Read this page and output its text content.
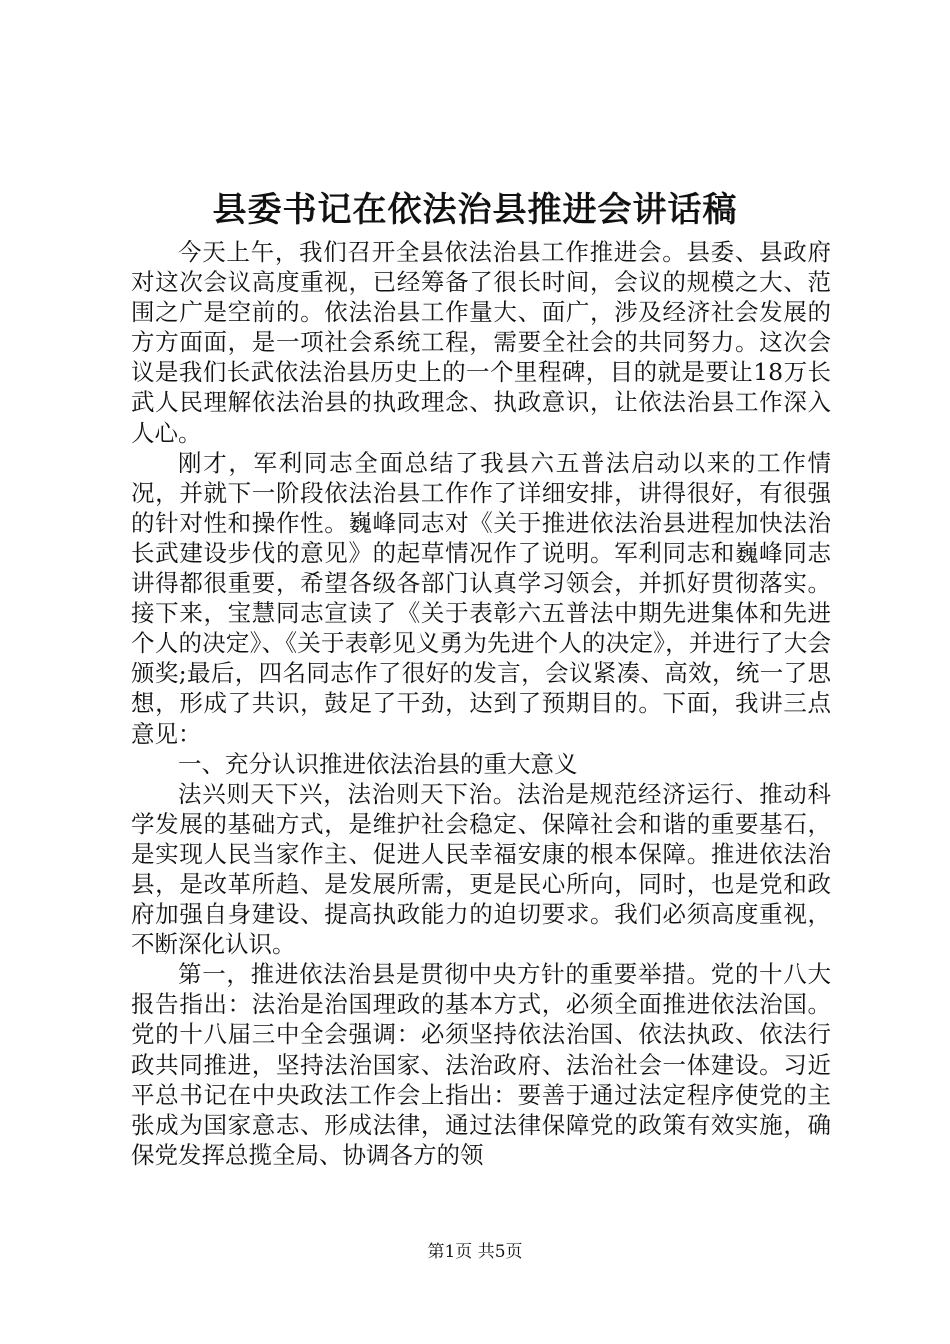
县委书记在依法治县推进会讲话稿

今天上午，我们召开全县依法治县工作推进会。县委、县政府对这次会议高度重视，已经筹备了很长时间，会议的规模之大、范围之广是空前的。依法治县工作量大、面广，涉及经济社会发展的方方面面，是一项社会系统工程，需要全社会的共同努力。这次会议是我们长武依法治县历史上的一个里程碑，目的就是要让18万长武人民理解依法治县的执政理念、执政意识，让依法治县工作深入人心。

刚才，军利同志全面总结了我县六五普法启动以来的工作情况，并就下一阶段依法治县工作作了详细安排，讲得很好，有很强的针对性和操作性。巍峰同志对《关于推进依法治县进程加快法治长武建设步伐的意见》的起草情况作了说明。军利同志和巍峰同志讲得都很重要，希望各级各部门认真学习领会，并抓好贯彻落实。接下来，宝慧同志宣读了《关于表彰六五普法中期先进集体和先进个人的决定》、《关于表彰见义勇为先进个人的决定》，并进行了大会颁奖;最后，四名同志作了很好的发言，会议紧凑、高效，统一了思想，形成了共识，鼓足了干劲，达到了预期目的。下面，我讲三点意见：

一、充分认识推进依法治县的重大意义

法兴则天下兴，法治则天下治。法治是规范经济运行、推动科学发展的基础方式，是维护社会稳定、保障社会和谐的重要基石，是实现人民当家作主、促进人民幸福安康的根本保障。推进依法治县，是改革所趋、是发展所需，更是民心所向，同时，也是党和政府加强自身建设、提高执政能力的迫切要求。我们必须高度重视，不断深化认识。

第一，推进依法治县是贯彻中央方针的重要举措。党的十八大报告指出：法治是治国理政的基本方式，必须全面推进依法治国。党的十八届三中全会强调：必须坚持依法治国、依法执政、依法行政共同推进，坚持法治国家、法治政府、法治社会一体建设。习近平总书记在中央政法工作会上指出：要善于通过法定程序使党的主张成为国家意志、形成法律，通过法律保障党的政策有效实施，确保党发挥总揽全局、协调各方的领

第1页 共5页
